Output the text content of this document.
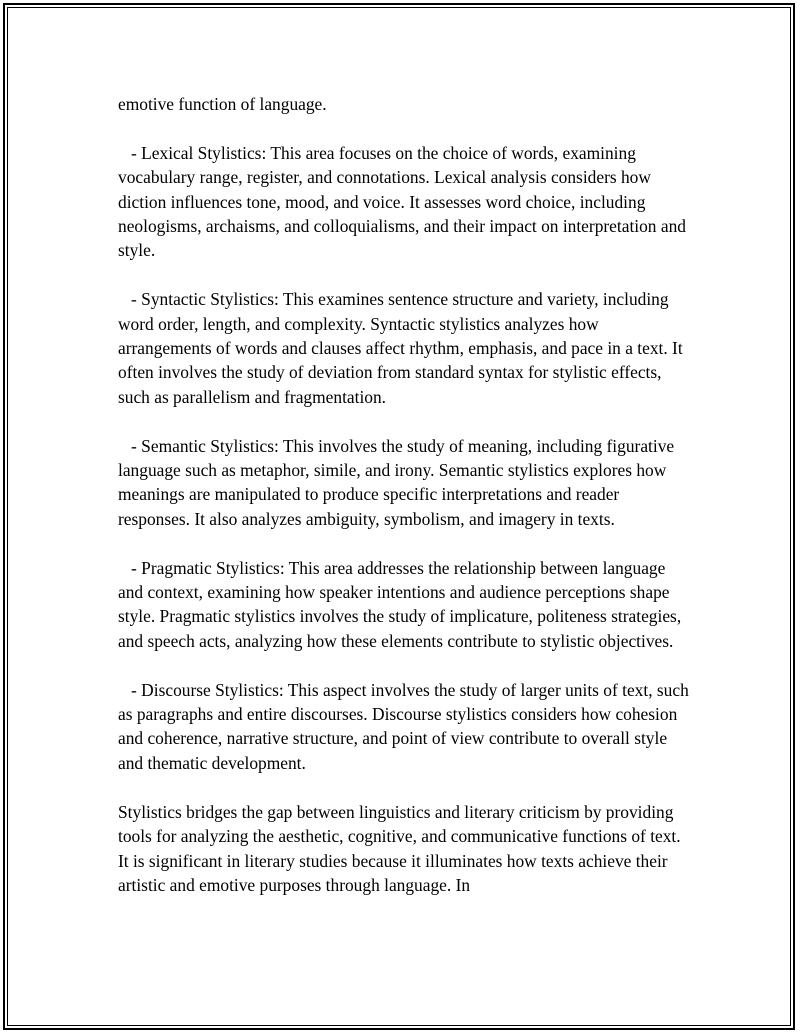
emotive function of language.

- Lexical Stylistics: This area focuses on the choice of words, examining vocabulary range, register, and connotations. Lexical analysis considers how diction influences tone, mood, and voice. It assesses word choice, including neologisms, archaisms, and colloquialisms, and their impact on interpretation and style.

- Syntactic Stylistics: This examines sentence structure and variety, including word order, length, and complexity. Syntactic stylistics analyzes how arrangements of words and clauses affect rhythm, emphasis, and pace in a text. It often involves the study of deviation from standard syntax for stylistic effects, such as parallelism and fragmentation.

- Semantic Stylistics: This involves the study of meaning, including figurative language such as metaphor, simile, and irony. Semantic stylistics explores how meanings are manipulated to produce specific interpretations and reader responses. It also analyzes ambiguity, symbolism, and imagery in texts.

- Pragmatic Stylistics: This area addresses the relationship between language and context, examining how speaker intentions and audience perceptions shape style. Pragmatic stylistics involves the study of implicature, politeness strategies, and speech acts, analyzing how these elements contribute to stylistic objectives.

- Discourse Stylistics: This aspect involves the study of larger units of text, such as paragraphs and entire discourses. Discourse stylistics considers how cohesion and coherence, narrative structure, and point of view contribute to overall style and thematic development.

Stylistics bridges the gap between linguistics and literary criticism by providing tools for analyzing the aesthetic, cognitive, and communicative functions of text. It is significant in literary studies because it illuminates how texts achieve their artistic and emotive purposes through language. In
